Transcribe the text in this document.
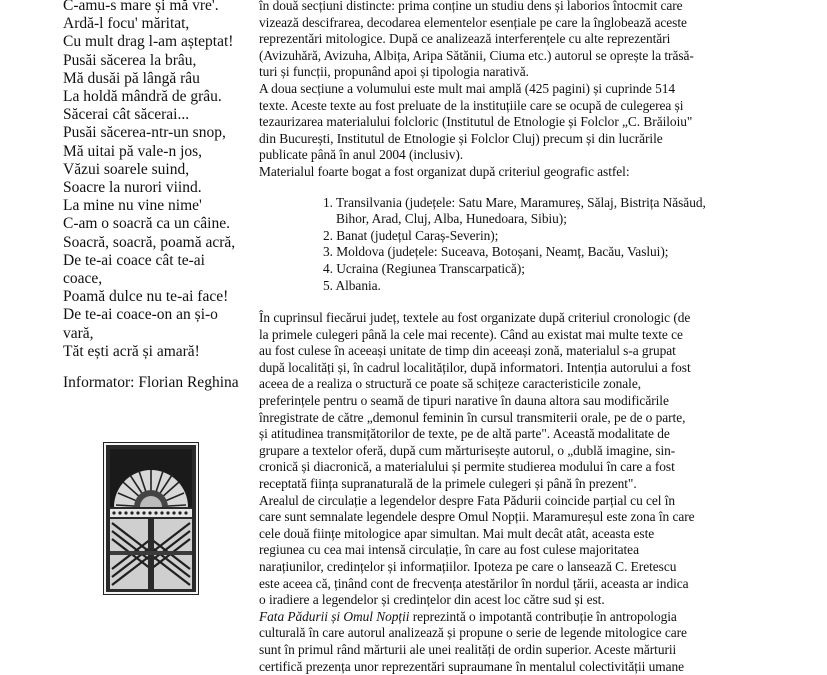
C-amu-s mare și mă vre'.
Ardă-l focu' măritat,
Cu mult drag l-am așteptat!
Pusăi săcerea la brâu,
Mă dusăi pă lângă râu
La holdă mândră de grâu.
Săcerai cât săcerai...
Pusăi săcerea-ntr-un snop,
Mă uitai pă vale-n jos,
Văzui soarele suind,
Soacre la nurori viind.
La mine nu vine nime'
C-am o soacră ca un câine.
Soacră, soacră, poamă acră,
De te-ai coace cât te-ai
coace,
Poamă dulce nu te-ai face!
De te-ai coace-on an și-o
vară,
Tăt ești acră și amară!
Informator: Florian Reghina

în două secțiuni distincte: prima conține un studiu dens și laborios întocmit care
vizează descifrarea, decodarea elementelor esențiale pe care la înglobează aceste
reprezentări mitologice. După ce analizează interferențele cu alte reprezentări
(Avizuhără, Avizuha, Albița, Aripa Sătănii, Ciuma etc.) autorul se oprește la trăsă-
turi și funcții, propunând apoi și tipologia narativă.

A doua secțiune a volumului este mult mai amplă (425 pagini) și cuprinde 514
texte. Aceste texte au fost preluate de la instituțiile care se ocupă de culegerea și
tezaurizarea materialului folcloric (Institutul de Etnologie și Folclor „C. Brăiloiu"
din București, Institutul de Etnologie și Folclor Cluj) precum și din lucrările
publicate până în anul 2004 (inclusiv).

Materialul foarte bogat a fost organizat după criteriul geografic astfel:

1. Transilvania (județele: Satu Mare, Maramureș, Sălaj, Bistrița Năsăud,
Bihor, Arad, Cluj, Alba, Hunedoara, Sibiu);
2. Banat (județul Caraș-Severin);
3. Moldova (județele: Suceava, Botoșani, Neamț, Bacău, Vaslui);
4. Ucraina (Regiunea Transcarpatică);
5. Albania.

În cuprinsul fiecărui județ, textele au fost organizate după criteriul cronologic (de
la primele culegeri până la cele mai recente). Când au existat mai multe texte ce
au fost culese în aceeași unitate de timp din aceeași zonă, materialul s-a grupat
după localități și, în cadrul localităților, după informatori. Intenția autorului a fost
aceea de a realiza o structură ce poate să schițeze caracteristicile zonale,
preferințele pentru o seamă de tipuri narative în dauna altora sau modificările
înregistrate de către „demonul feminin în cursul transmiterii orale, pe de o parte,
și atitudinea transmițătorilor de texte, pe de altă parte". Această modalitate de
grupare a textelor oferă, după cum mărturisește autorul, o „dublă imagine, sin-
cronică și diacronică, a materialului și permite studierea modului în care a fost
receptată ființa supranaturală de la primele culegeri și până în prezent".

Arealul de circulație a legendelor despre Fata Pădurii coincide parțial cu cel în
care sunt semnalate legendele despre Omul Nopții. Maramureșul este zona în care
cele două ființe mitologice apar simultan. Mai mult decât atât, aceasta este
regiunea cu cea mai intensă circulație, în care au fost culese majoritatea
narațiunilor, credințelor și informațiilor. Ipoteza pe care o lansează C. Eretescu
este aceea că, ținând cont de frecvența atestărilor în nordul țării, aceasta ar indica
o iradiere a legendelor și credințelor din acest loc către sud și est.

Fata Pădurii și Omul Nopții reprezintă o impotantă contribuție în antropologia
culturală în care autorul analizează și propune o serie de legende mitologice care
sunt în primul rând mărturii ale unei realități de ordin superior. Aceste mărturii
certifică prezența unor reprezentări supraumane în mentalul colectivității umane
